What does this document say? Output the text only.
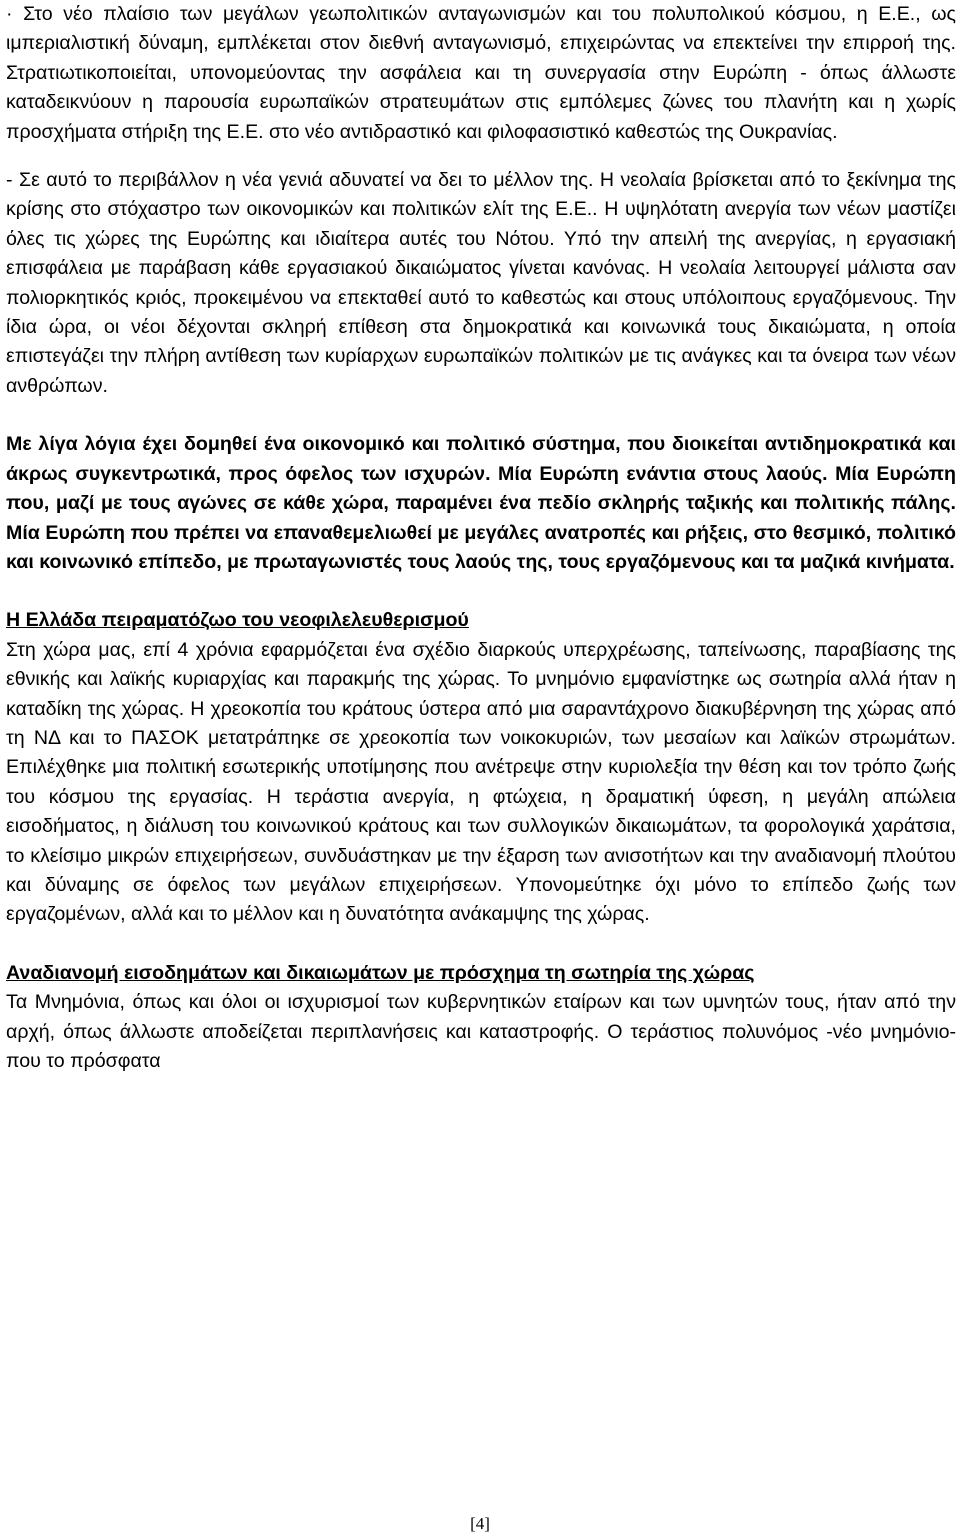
· Στο νέο πλαίσιο των μεγάλων γεωπολιτικών ανταγωνισμών και του πολυπολικού κόσμου, η Ε.Ε., ως ιμπεριαλιστική δύναμη, εμπλέκεται στον διεθνή ανταγωνισμό, επιχειρώντας να επεκτείνει την επιρροή της. Στρατιωτικοποιείται, υπονομεύοντας την ασφάλεια και τη συνεργασία στην Ευρώπη - όπως άλλωστε καταδεικνύουν η παρουσία ευρωπαϊκών στρατευμάτων στις εμπόλεμες ζώνες του πλανήτη και η χωρίς προσχήματα στήριξη της Ε.Ε. στο νέο αντιδραστικό και φιλοφασιστικό καθεστώς της Ουκρανίας.

- Σε αυτό το περιβάλλον η νέα γενιά αδυνατεί να δει το μέλλον της. Η νεολαία βρίσκεται από το ξεκίνημα της κρίσης στο στόχαστρο των οικονομικών και πολιτικών ελίτ της Ε.Ε.. Η υψηλότατη ανεργία των νέων μαστίζει όλες τις χώρες της Ευρώπης και ιδιαίτερα αυτές του Νότου. Υπό την απειλή της ανεργίας, η εργασιακή επισφάλεια με παράβαση κάθε εργασιακού δικαιώματος γίνεται κανόνας. Η νεολαία λειτουργεί μάλιστα σαν πολιορκητικός κριός, προκειμένου να επεκταθεί αυτό το καθεστώς και στους υπόλοιπους εργαζόμενους. Την ίδια ώρα, οι νέοι δέχονται σκληρή επίθεση στα δημοκρατικά και κοινωνικά τους δικαιώματα, η οποία επιστεγάζει την πλήρη αντίθεση των κυρίαρχων ευρωπαϊκών πολιτικών με τις ανάγκες και τα όνειρα των νέων ανθρώπων.

Με λίγα λόγια έχει δομηθεί ένα οικονομικό και πολιτικό σύστημα, που διοικείται αντιδημοκρατικά και άκρως συγκεντρωτικά, προς όφελος των ισχυρών. Μία Ευρώπη ενάντια στους λαούς. Μία Ευρώπη που, μαζί με τους αγώνες σε κάθε χώρα, παραμένει ένα πεδίο σκληρής ταξικής και πολιτικής πάλης. Μία Ευρώπη που πρέπει να επαναθεμελιωθεί με μεγάλες ανατροπές και ρήξεις, στο θεσμικό, πολιτικό και κοινωνικό επίπεδο, με πρωταγωνιστές τους λαούς της, τους εργαζόμενους και τα μαζικά κινήματα.

Η Ελλάδα πειραματόζωο του νεοφιλελευθερισμού

Στη χώρα μας, επί 4 χρόνια εφαρμόζεται ένα σχέδιο διαρκούς υπερχρέωσης, ταπείνωσης, παραβίασης της εθνικής και λαϊκής κυριαρχίας και παρακμής της χώρας. Το μνημόνιο εμφανίστηκε ως σωτηρία αλλά ήταν η καταδίκη της χώρας. Η χρεοκοπία του κράτους ύστερα από μια σαραντάχρονο διακυβέρνηση της χώρας από τη ΝΔ και το ΠΑΣΟΚ μετατράπηκε σε χρεοκοπία των νοικοκυριών, των μεσαίων και λαϊκών στρωμάτων. Επιλέχθηκε μια πολιτική εσωτερικής υποτίμησης που ανέτρεψε στην κυριολεξία την θέση και τον τρόπο ζωής του κόσμου της εργασίας. Η τεράστια ανεργία, η φτώχεια, η δραματική ύφεση, η μεγάλη απώλεια εισοδήματος, η διάλυση του κοινωνικού κράτους και των συλλογικών δικαιωμάτων, τα φορολογικά χαράτσια, το κλείσιμο μικρών επιχειρήσεων, συνδυάστηκαν με την έξαρση των ανισοτήτων και την αναδιανομή πλούτου και δύναμης σε όφελος των μεγάλων επιχειρήσεων. Υπονομεύτηκε όχι μόνο το επίπεδο ζωής των εργαζομένων, αλλά και το μέλλον και η δυνατότητα ανάκαμψης της χώρας.

Αναδιανομή εισοδημάτων και δικαιωμάτων με πρόσχημα τη σωτηρία της χώρας

Τα Μνημόνια, όπως και όλοι οι ισχυρισμοί των κυβερνητικών εταίρων και των υμνητών τους, ήταν από την αρχή, όπως άλλωστε αποδείζεται περιπλανήσεις και καταστροφής. Ο τεράστιος πολυνόμος -νέο μνημόνιο- που το πρόσφατα

[4]
